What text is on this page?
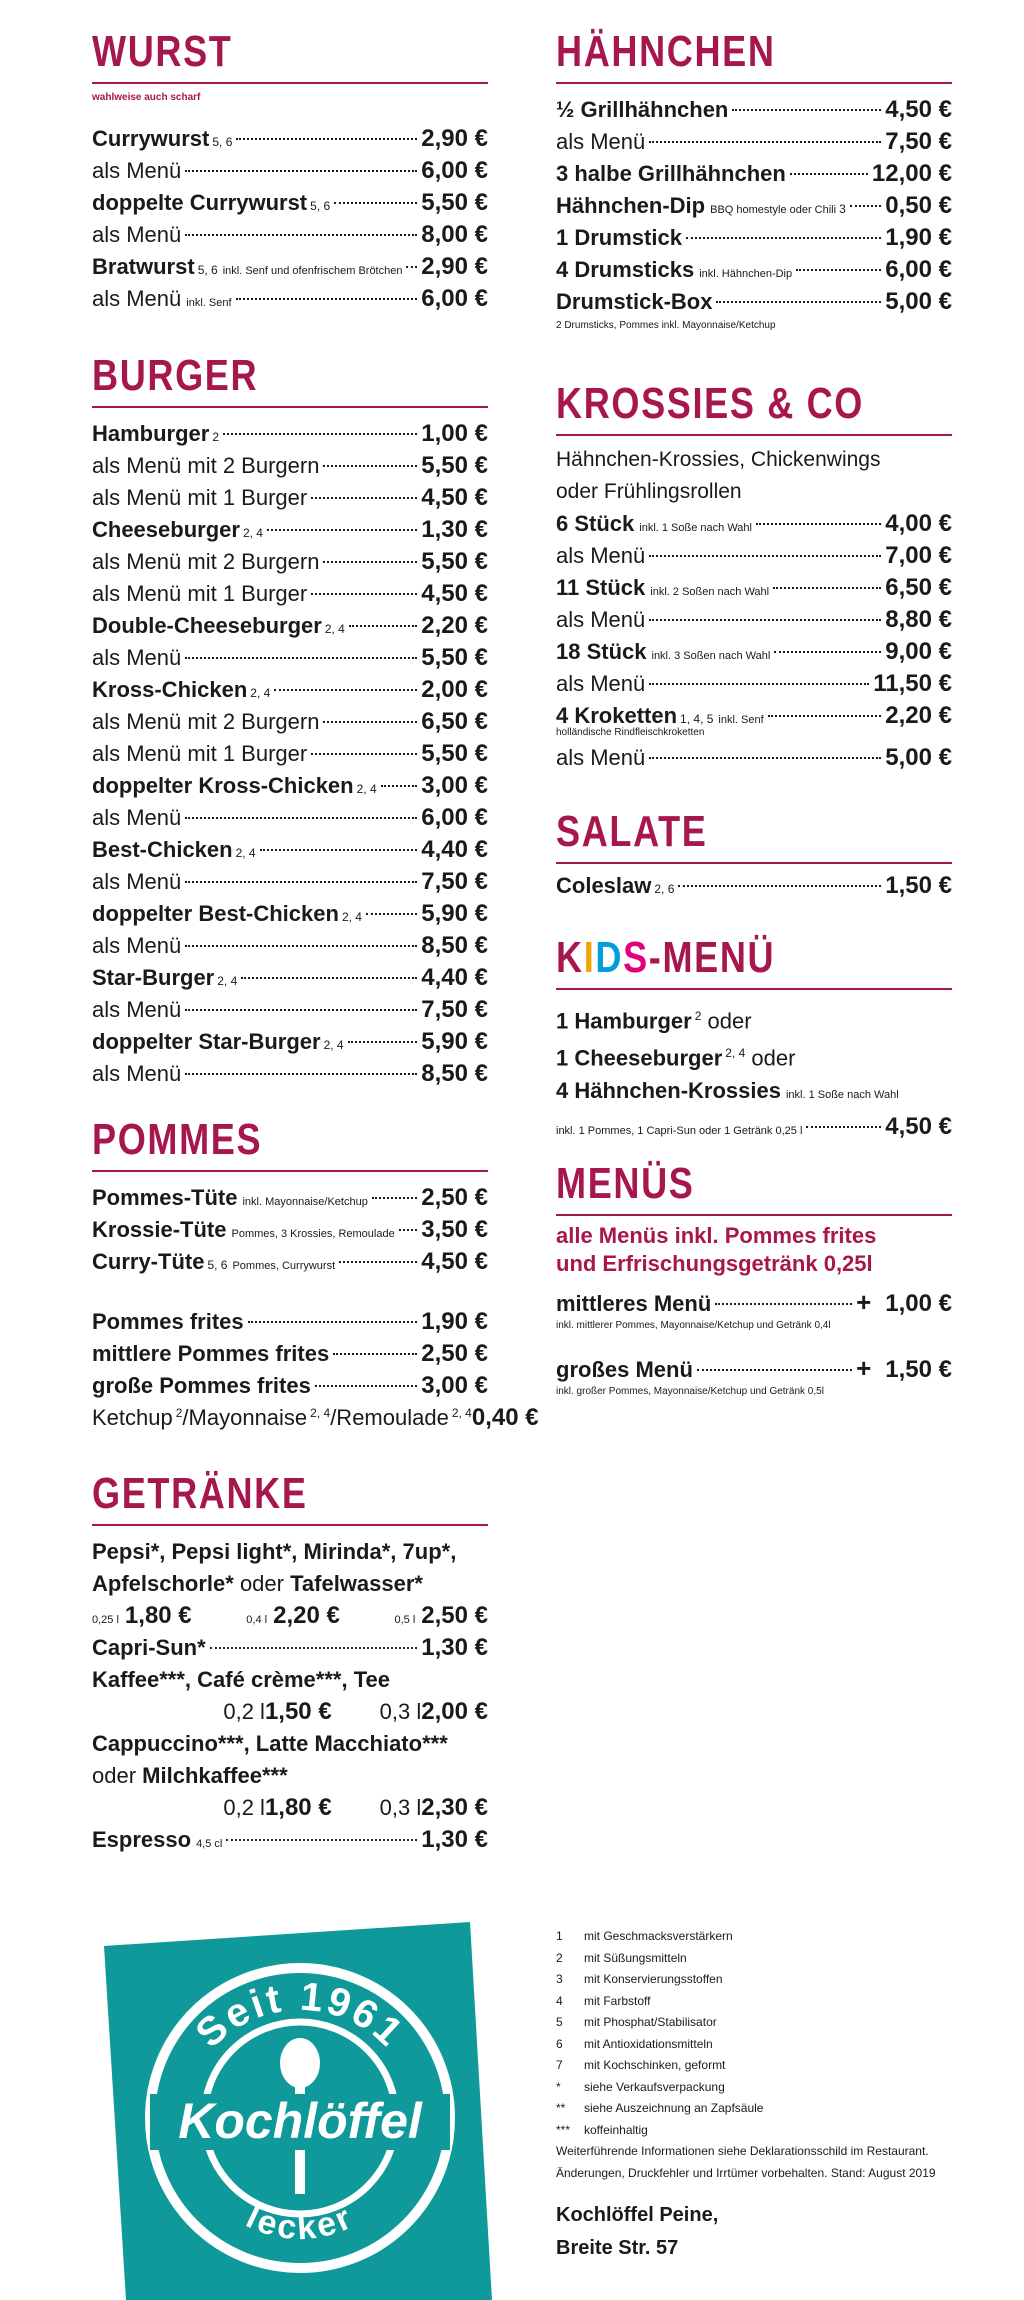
WURST
wahlweise auch scharf
Currywurst 5, 6	2,90 €
als Menü	6,00 €
doppelte Currywurst 5, 6	5,50 €
als Menü	8,00 €
Bratwurst 5, 6 inkl. Senf und ofenfrischem Brötchen 2,90 €
als Menü inkl. Senf	6,00 €
BURGER
Hamburger 2	1,00 €
als Menü mit 2 Burgern	5,50 €
als Menü mit 1 Burger	4,50 €
Cheeseburger 2, 4	1,30 €
als Menü mit 2 Burgern	5,50 €
als Menü mit 1 Burger	4,50 €
Double-Cheeseburger 2, 4	2,20 €
als Menü	5,50 €
Kross-Chicken 2, 4	2,00 €
als Menü mit 2 Burgern	6,50 €
als Menü mit 1 Burger	5,50 €
doppelter Kross-Chicken 2, 4 3,00 €
als Menü	6,00 €
Best-Chicken 2, 4	4,40 €
als Menü	7,50 €
doppelter Best-Chicken 2, 4 5,90 €
als Menü	8,50 €
Star-Burger 2, 4	4,40 €
als Menü	7,50 €
doppelter Star-Burger 2, 4	5,90 €
als Menü	8,50 €
POMMES
Pommes-Tüte inkl. Mayonnaise/Ketchup 2,50 €
Krossie-Tüte Pommes, 3 Krossies, Remoulade 3,50 €
Curry-Tüte 5, 6 Pommes, Currywurst	4,50 €
Pommes frites	1,90 €
mittlere Pommes frites	2,50 €
große Pommes frites	3,00 €
Ketchup $^2$/Mayonnaise $^{2, 4}$/Remoulade $^{2, 4}$ 0,40 €
GETRÄNKE
Pepsi*, Pepsi light*, Mirinda*, 7up*,
Apfelschorle* oder Tafelwasser*
0,25 l 1,80 €	0,4 l 2,20 €	0,5 l 2,50 €
Capri-Sun*	1,30 €
Kaffee***, Café crème***, Tee
0,2 l1,50 € 0,3 l2,00 €
Cappuccino***, Latte Macchiato***
oder Milchkaffee***
0,2 l1,80 € 0,3 l2,30 €
Espresso 4,5 cl	1,30 €
HÄHNCHEN
½ Grillhähnchen	4,50 €
als Menü	7,50 €
3 halbe Grillhähnchen	12,00 €
Hähnchen-Dip BBQ homestyle oder Chili 3 0,50 €
1 Drumstick	1,90 €
4 Drumsticks inkl. Hähnchen-Dip	6,00 €
Drumstick-Box	5,00 €
2 Drumsticks, Pommes inkl. Mayonnaise/Ketchup
KROSSIES & CO
Hähnchen-Krossies, Chickenwings
oder Frühlingsrollen
6 Stück inkl. 1 Soße nach Wahl	4,00 €
als Menü	7,00 €
11 Stück inkl. 2 Soßen nach Wahl	6,50 €
als Menü	8,80 €
18 Stück inkl. 3 Soßen nach Wahl	9,00 €
als Menü	11,50 €
4 Kroketten 1, 4, 5 inkl. Senf	2,20 €
holländische Rindfleischkroketten
als Menü	5,00 €
SALATE
Coleslaw 2, 6	1,50 €
KIDS-MENÜ
1 Hamburger $^2$ oder
1 Cheeseburger $^{2, 4}$ oder
4 Hähnchen-Krossies inkl. 1 Soße nach Wahl
inkl. 1 Pommes, 1 Capri-Sun oder 1 Getränk 0,25 l	4,50 €
MENÜS
alle Menüs inkl. Pommes frites
und Erfrischungsgetränk 0,25l
mittleres Menü	+ 1,00 €
inkl. mittlerer Pommes, Mayonnaise/Ketchup und Getränk 0,4l
großes Menü	+ 1,50 €
inkl. großer Pommes, Mayonnaise/Ketchup und Getränk 0,5l
Seit 1961
lecker
Kochlöffel
1	mit Geschmacksverstärkern
2	mit Süßungsmitteln
3	mit Konservierungsstoffen
4	mit Farbstoff
5	mit Phosphat/Stabilisator
6	mit Antioxidationsmitteln
7	mit Kochschinken, geformt
*	siehe Verkaufsverpackung
**	siehe Auszeichnung an Zapfsäule
***	koffeinhaltig
Weiterführende Informationen siehe Deklarationsschild im Restaurant.
Änderungen, Druckfehler und Irrtümer vorbehalten. Stand: August 2019
Kochlöffel Peine,
Breite Str. 57
